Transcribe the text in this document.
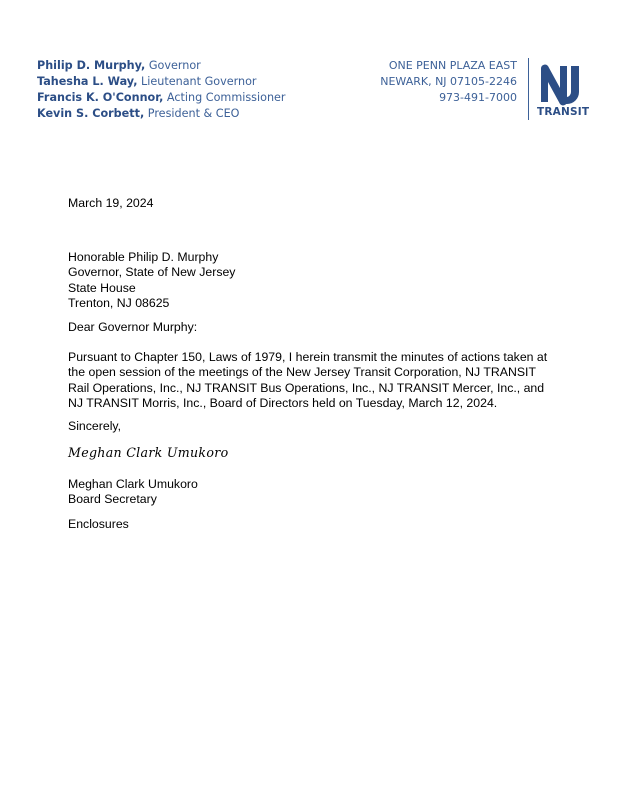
Philip D. Murphy, Governor
Tahesha L. Way, Lieutenant Governor
Francis K. O'Connor, Acting Commissioner
Kevin S. Corbett, President & CEO
ONE PENN PLAZA EAST
NEWARK, NJ 07105-2246
973-491-7000
TRANSIT
March 19, 2024
Honorable Philip D. Murphy
Governor, State of New Jersey
State House
Trenton, NJ 08625
Dear Governor Murphy:
Pursuant to Chapter 150, Laws of 1979, I herein transmit the minutes of actions taken at
the open session of the meetings of the New Jersey Transit Corporation, NJ TRANSIT
Rail Operations, Inc., NJ TRANSIT Bus Operations, Inc., NJ TRANSIT Mercer, Inc., and
NJ TRANSIT Morris, Inc., Board of Directors held on Tuesday, March 12, 2024.
Sincerely,
Meghan Clark Umukoro
Meghan Clark Umukoro
Board Secretary
Enclosures
